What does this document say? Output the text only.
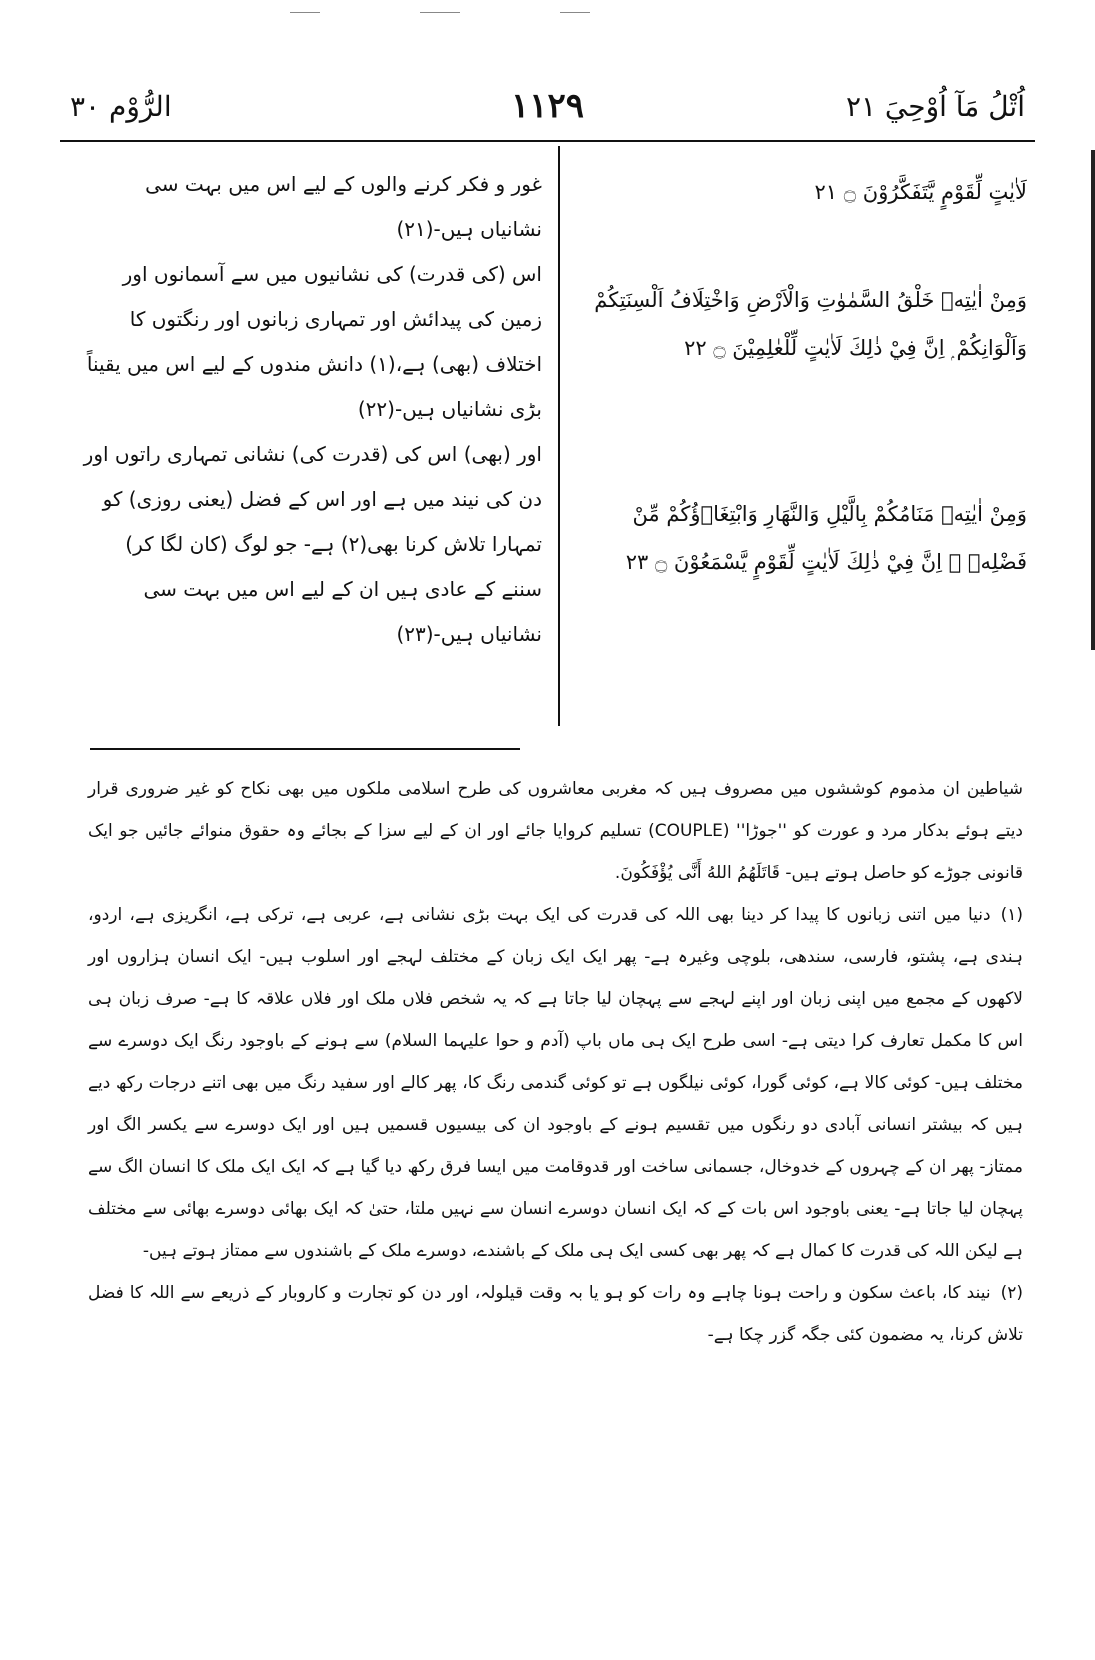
الرُّوْم ۳۰	۱۱۲۹	اُتْلُ مَآ اُوْحِيَ ۲۱

غور و فکر کرنے والوں کے لیے اس میں بہت سی نشانیاں ہیں-(۲۱)

اس (کی قدرت) کی نشانیوں میں سے آسمانوں اور زمین کی پیدائش اور تمہاری زبانوں اور رنگتوں کا اختلاف (بھی) ہے،(۱) دانش مندوں کے لیے اس میں یقیناً بڑی نشانیاں ہیں-(۲۲)

اور (بھی) اس کی (قدرت کی) نشانی تمہاری راتوں اور دن کی نیند میں ہے اور اس کے فضل (یعنی روزی) کو تمہارا تلاش کرنا بھی(۲) ہے- جو لوگ (کان لگا کر) سننے کے عادی ہیں ان کے لیے اس میں بہت سی نشانیاں ہیں-(۲۳)

لَاٰيٰتٍ لِّقَوْمٍ يَّتَفَكَّرُوْنَ ۝ ٢١
وَمِنْ اٰيٰتِهٖ خَلْقُ السَّمٰوٰتِ وَالْاَرْضِ وَاخْتِلَافُ اَلْسِنَتِكُمْ
وَاَلْوَانِكُمْ ۭ اِنَّ فِيْ ذٰلِكَ لَاٰيٰتٍ لِّلْعٰلِمِيْنَ ۝ ٢٢
وَمِنْ اٰيٰتِهٖ مَنَامُكُمْ بِالَّيْلِ وَالنَّهَارِ وَابْتِغَاۗؤُكُمْ مِّنْ
فَضْلِهٖ ۭ اِنَّ فِيْ ذٰلِكَ لَاٰيٰتٍ لِّقَوْمٍ يَّسْمَعُوْنَ ۝ ٢٣

شیاطین ان مذموم کوششوں میں مصروف ہیں کہ مغربی معاشروں کی طرح اسلامی ملکوں میں بھی نکاح کو غیر ضروری قرار دیتے ہوئے بدکار مرد و عورت کو ''جوڑا'' (COUPLE) تسلیم کروایا جائے اور ان کے لیے سزا کے بجائے وہ حقوق منوائے جائیں جو ایک قانونی جوڑے کو حاصل ہوتے ہیں- قَاتَلَهُمُ اللهُ أَنَّى يُؤْفَكُونَ.

(۱)دنیا میں اتنی زبانوں کا پیدا کر دینا بھی اللہ کی قدرت کی ایک بہت بڑی نشانی ہے، عربی ہے، ترکی ہے، انگریزی ہے، اردو، ہندی ہے، پشتو، فارسی، سندھی، بلوچی وغیرہ ہے- پھر ایک ایک زبان کے مختلف لہجے اور اسلوب ہیں- ایک انسان ہزاروں اور لاکھوں کے مجمع میں اپنی زبان اور اپنے لہجے سے پہچان لیا جاتا ہے کہ یہ شخص فلاں ملک اور فلاں علاقہ کا ہے- صرف زبان ہی اس کا مکمل تعارف کرا دیتی ہے- اسی طرح ایک ہی ماں باپ (آدم و حوا علیہما السلام) سے ہونے کے باوجود رنگ ایک دوسرے سے مختلف ہیں- کوئی کالا ہے، کوئی گورا، کوئی نیلگوں ہے تو کوئی گندمی رنگ کا، پھر کالے اور سفید رنگ میں بھی اتنے درجات رکھ دیے ہیں کہ بیشتر انسانی آبادی دو رنگوں میں تقسیم ہونے کے باوجود ان کی بیسیوں قسمیں ہیں اور ایک دوسرے سے یکسر الگ اور ممتاز- پھر ان کے چہروں کے خدوخال، جسمانی ساخت اور قدوقامت میں ایسا فرق رکھ دیا گیا ہے کہ ایک ایک ملک کا انسان الگ سے پہچان لیا جاتا ہے- یعنی باوجود اس بات کے کہ ایک انسان دوسرے انسان سے نہیں ملتا، حتیٰ کہ ایک بھائی دوسرے بھائی سے مختلف ہے لیکن اللہ کی قدرت کا کمال ہے کہ پھر بھی کسی ایک ہی ملک کے باشندے، دوسرے ملک کے باشندوں سے ممتاز ہوتے ہیں-

(۲)نیند کا، باعث سکون و راحت ہونا چاہے وہ رات کو ہو یا بہ وقت قیلولہ، اور دن کو تجارت و کاروبار کے ذریعے سے اللہ کا فضل تلاش کرنا، یہ مضمون کئی جگہ گزر چکا ہے-
